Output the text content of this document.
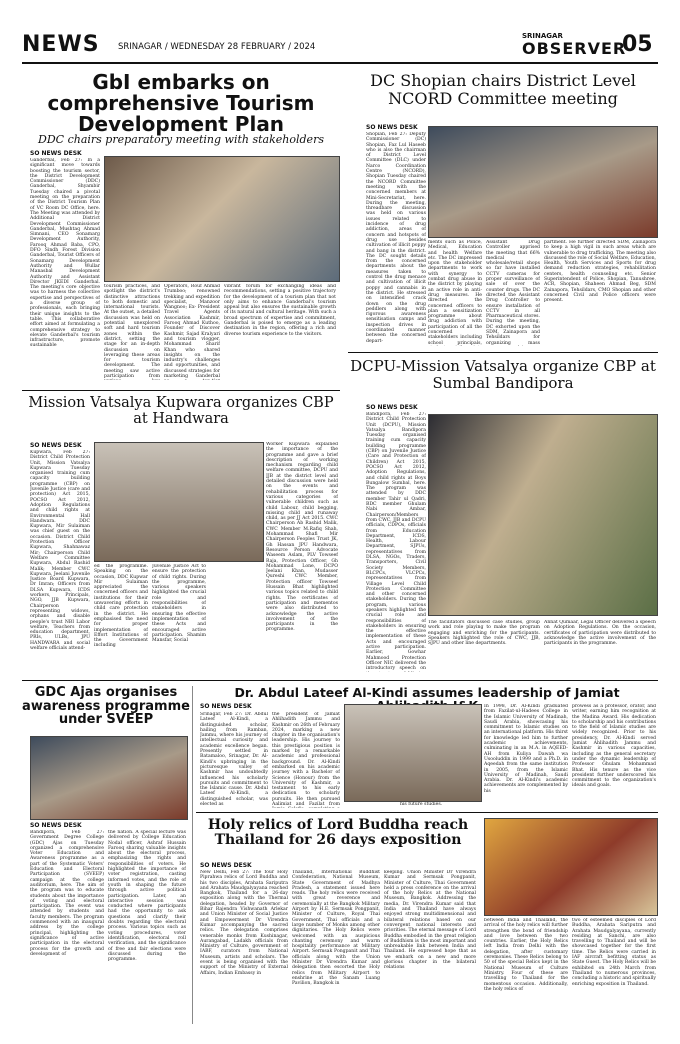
NEWS SRINAGAR / WEDNESDAY 28 FEBRUARY / 2024
SRINAGAR
OBSERVER
05
GbI embarks on comprehensive Tourism Development Plan
DDC chairs preparatory meeting with stakeholders
SO NEWS DESK
Ganderbal, Feb 27: In a significant move towards boosting the tourism sector, the District Development Commissioner (DDC) Ganderbal, Shyambir Tuesday chaired a pivotal meeting on the preparation of the District Tourism Plan of VC Room DC Office, here. The Meeting was attended by Additional District Development Commissioner Ganderbal, Mushtaq Ahmad Simnani, CEO Sonamarg Development Authority, Farooq Ahmad Baba, CPO, DFO Sindh Forest Division Ganderbal, Tourist Officers of Sonamarg Development Authority and Wullar Manasbal Development Authority and Assistant Director JKEDI Ganderbal. The meeting's core objective was to harness the collective expertise and perspectives of a diverse group of professionals, each bringing their unique insights to the table. This collaborative effort aimed at formulating a comprehensive strategy to elevate Ganderbal's tourism infrastructure, promote sustainable
tourism practices, and spotlight the district's distinctive attractions to both domestic and international tourists. At the outset, a detailed discussion was held on potential unexplored soft and hard tourism zones within the district, setting the stage for an in-depth discussion on leveraging these areas for tourism development. The meeting saw active participation from
Operators, Rouf Ahmad Trumboo; renowned trekking and expedition specialist, Manzoor Wangnoo; Ex- President Travel Agents Association Kashmir, Farooq Ahmad Kuthoo, Founder of Discover Kashmir, Sajad Kralyari and tourism vlogger, Mohammad Sharif Khan who shared insights on the industry's challenges and opportunities, and discussed strategies for marketing Ganderbal
vibrant forum for exchanging ideas and recommendations, setting a positive trajectory for the development of a tourism plan that not only aims to enhance Ganderbal's tourism appeal but also ensures the sustainable growth of its natural and cultural heritage. With such a broad spectrum of expertise and commitment, Ganderbal is poised to emerge as a leading destination in the region, offering a rich and diverse tourism experience to the visitors.
DC Shopian chairs District Level NCORD Committee meeting
SO NEWS DESK
Shopian, Feb 27: Deputy Commissioner (DC) Shopian, Faz Lul Haseeb who is also the chairman of District Level Committee (DLC) under Narco Coordination Centre (NCORD), Shopian Tuesday chaired the NCORD Committee meeting with the concerned members at Mini-Secretariat, here. During the meeting, threadbare discussion was held on various issues related to incidence of drug addiction, areas of concern and hotspots of drug use besides cultivation of illicit poppy and bang in the district. The DC sought details from the concerned departments about the measures taken to control the drug menace and cultivation of illicit poppy and cannabis in the district. He stressed on intensified crack down on the drug peddlers along with rigorous awareness sensitisation camps and inspection drives in coordinated manner between the concerned depart-
ments such as Police, Medical, Education and health Welfare etc. The DC impressed upon the stakeholder departments to work with synergy to combat drug abuse in the district by playing an active role in anti-drug measures. He directed the concerned officers to plan a sensitization programme about drug addiction with participation of all the concerned stakeholders including school principals,
Assistant Drug Controller apprised the meeting that 66% medical wholesale/retail shops so far have installed CCTV cameras for proper surveillance of sale of over the counter drugs. The DC directed the Assistant Drug Controller to ensure installation of CCTV in all Pharmaceutical stores. During the meeting, DC exhorted upon the SDM, Zainapora and Tehsildars for organizing mass
partment. He further directed SDM, Zainapora to keep a high vigil in such areas which are vulnerable to drug trafficking. The meeting also discussed the role of Social Welfare, Education, Health, Youth Services and Sports for drug demand reduction strategies, rehabilitation centers, health counseling etc. Senior Superintendent of Police, Shopian, Tanushree, ACR, Shopian, Shaheen Ahmad Beg, SDM Zainapora, Tehsildars, CMO Shopian and other concerned Civil and Police officers were present.
DCPU-Mission Vatsalya organize CBP at Sumbal Bandipora
SO NEWS DESK
Bandipora, Feb 27: District Child Protection Unit (DCPU), Mission Vatsalya Bandipora Tuesday organised training cum capacity building programme (CBP) on Juvenile Justice (Care and Protection of Children) Act 2015, POCSO Act 2012, Adoption Regulations, and child rights at Boys Bungalow Sumbal, here. The program was attended by DDC member Tahir ul Qadri, BDC member Ghulam Nabi Ambar, Chairperson/Members from CWC, JJB and DCPU officials, CDPOs, officials from Education Department, ICDS, Health, Labour Department, SJPUs, representatives from DLSA, NGOs, Traders, Transporters, Civil Society Members, BLCPCs, VLCPCs, representatives from Village Level Child Protection Committee and other concerned stakeholders. During the program, various speakers highlighted the crucial role and responsibilities of stakeholders in ensuring the effective implementation of these Acts and encouraged active participation. Earlier, Gowhar Mahmood Protection Officer NIC delivered the introductory speech on
The facilitators discussed case studies, group work and role playing to make the program engaging and enriching for the participants. Speakers highlighted the role of CWC, JJB, SJPU and other line departments.
Annat Qumaar, Legal Officer delivered a speech on Adoption Regulations. On the occasion, certificates of participation were distributed to acknowledge the active involvement of the participants in the programme.
Mission Vatsalya Kupwara organizes CBP at Handwara
SO NEWS DESK
Kupwara, Feb 27: District Child Protection Unit, Mission Vatsalya Kupwara Tuesday organised training cum capacity building programme (CBP) on Juvenile Justice (care and protection) Act 2015, POCSO Act 2012, Adoption Regulations and child rights at Environmental Hall Handwara. DDC Kupwara, Mir Sulaiman was chief guest on the occasion. District Child Protection Officer Kupwara, Shahnawaz Mir; Chairperson Child Welfare Committee Kupwara, Abdul Rashid Malik; Member CWC Kupwara, Jeelani Juvenile Justice Board Kupwara, Dr Imran; Officers from DLSA Kupwara, ICDS workers, Principals, NGO, JJB Kupwara, Chairperson representing widows, orphans and disable people's trust NBI Labor welfare, Teachers from education department, PRIs, ULBs, JPU HANDWARA and social welfare officials attend-
ed the programme. Speaking on the occasion, DDC Kupwar Mir Sulaiman appreciated the concerned officers and institutions for their unwavering efforts in child care protection in the district. He emphasised the need for proper implementation of Effort Institutions of the Government including
Juvenile Justice Act to ensure the protection of child rights. During the programme, various speakers highlighted the crucial role and responsibilities of stakeholders in ensuring the effective implementation of these Acts and encouraged active participation. Shamim Mansfar, Social
Worker Kupwara explained the importance of the programme and gave a brief description of working mechanism regarding child welfare committee, DCPU and JJB at the district level and detailed discussion were held on the events and rehabilitation process for various categories of vulnerable children such as child Labour, child begging, missing child and runaway child, as per JJ Act 2015. CWC Chairperson Ab Rashid Malik, CWC Member M.Rafiq Shah, Mohammad Shafi Mir Chairperson Feoples Trust JK, Gh Hassan JPU Handwara, Resource Person Advocate Waseem Aslam, PLV Towseef Raja, Protection Officer, Gh Mohammad Lone, DCPO Jeelani Khan, Mudasser Qureshi CWC Member, Protection officer Towseef Hussain Bhat highlighted various topics related to child rights. The certificates of participation and mementos were also distributed to acknowledge the active involvement of the participants in the programme.
GDC Ajas organises awareness programme under SVEEP
SO NEWS DESK
Bandipora, Feb 27: Government Degree College (GDC) Ajas on Tuesday organized a comprehensive Voter Education and Awareness programme as a part of the Systematic Voters' Education and Electoral Participation (SVEEP) campaign at the college auditorium, here. The aim of the program was to educate students about the importance of voting and electoral participation. The event was attended by students and faculty members. The program commenced with an inaugural address by the college principal, highlighting the significance of active participation in the electoral process for the growth and development of
the nation. A special lecture was delivered by College Education Nodal officer, Ashraf Hussain Farooq sharing valuable insights about the electoral process, emphasizing the rights and responsibilities of voters. He highlighted the importance of voter registration, casting informed votes, and the role of youth in shaping the future through active political participation. Later, an interactive session was conducted where participants had the opportunity to ask questions and clarify their doubts regarding the electoral process. Various topics such as voting procedures, voter identification, electoral roll verification, and the significance of free and fair elections were discussed during the programme.
Dr. Abdul Lateef Al-Kindi assumes leadership of Jamiat
SO NEWS DESK
Srinagar, Feb 27: Dr. Abdul Lateef Al-Kindi, a distinguished scholar, hailing from Ramban, Jammu, where his journey of intellectual curiosity and academic excellence began. Presently settled in Batamaloo, Srinagar, Dr. Al-Kindi's upbringing in the picturesque valley of Kashmir has undoubtedly influenced his scholarly pursuits and commitment to the Islamic cause. Dr. Abdul Lateef Al-Kindi, a distinguished scholar, was elected as
the president of Jamiat Ahlihadith Jammu and Kashmir on 26th of February 2024, marking a new chapter in the organisation's leadership. His journey to this prestigious position is marked by a remarkable academic and professional background. Dr. Al-Kindi embarked on his academic journey with a Bachelor of Science (Honour) from the University of Kashmir, a testament to his early dedication to scholarly pursuits. He then pursued Aalimiat and Fazilat from	his future studies.
In 1998, Dr. Al-Kindi graduated from Fazilat-ul-Hadees College in the Islamic University of Madinah, Saudi Arabia, showcasing his commitment to Islamic studies on an international platform. His thirst for knowledge led him to further academic achievements, culminating in an M.A. in AQEED-AH from Kuliya Dawah wa Usooluddin in 1999 and a Ph.D. in Aqeedah from the same institution in 2005, from the Islamic University of Madinah, Saudi Arabia. Dr. Al-Kindi's academic achievements are complemented by his
prowess as a professor, orator, and writer, earning him recognition at the Madina Award. His dedication to scholarship and his contributions to the field of Islamic studies are widely recognized. Prior to his presidency, Dr. Al-Kindi served Jamiat Ahlihadith Jammu and Kashmir in various capacities, including as the general secretary under the dynamic leadership of Professor Ghulam Mohammad Bhat. His tenure as the vice president further underscored his commitment to the organization's ideals and goals.
Holy relics of Lord Buddha reach Thailand for 26 days exposition
SO NEWS DESK
New Delhi, Feb 27: The four Holy Piprahwa relics of Lord Buddha and his two disciples, Arahata Sariputra and Arahata Maudgalyayana reached Bangkok, Thailand for a 26-day exposition along with the Thermal delegation, headed by Governor of Bihar Rajendra Vishwanath Arlekar and Union Minister of Social Justice and Empowerment Dr Virendra Kumar accompanying the sacred relics. The delegation comprises venerable monks from Kushinagar, Aurangabad, Ladakh officials from Ministry of Culture, government of IABF, curators from National Museum, artists and scholars. The event is being organised with the support of the Ministry of External Affairs, Indian Embassy in
Thailand, International Buddhist Confederation, National Museum, State Government of Madhya Pradesh, a statement issued here reads. The holy relics were received with great reverence and ceremonially at the Bangkok Military Airport by H.E. Sermsak Pongpanit, Minister of Culture, Royal Thai Government, Thai officials and a large number of Monks among other dignitaries. The Holy Relics were welcomed with an auspicious chanting ceremony and warm hospitality performance at Military Airport. Sermsak Pongpanit and Thai officials along with the Union Minister Dr Virendra Kumar and delegation then escorted the Holy relics from Military Airport to enshrine at the Sanam Luang Pavilion, Bangkok in
keeping. Union Minister Dr Virendra Kumar and Sermsak Pongpanit, Minister of Culture, Thai Government held a press conference on the arrival of the holy Relics at the National Museum, Bangkok. Addressing the media, Dr. Virendra Kumar said that India and Thailand have always enjoyed strong multidimensional and bilateral relations based on our convergent national interests and priorities. The eternal message of Lord Buddha embodied in the great religion of Buddhism is the most important and unbreakable link between India and Thailand. He expressed hope that as we embark on a new and more glorious chapter in the bilateral relations
between India and Thailand, the arrival of the holy relics will further strengthen the bond of friendship and love between the two countries. Earlier, the Holy Relics left India from Delhi with the delegation, after customary ceremonies. These Relics belong to 50 of the special Relics kept in the National Museum of Culture Ministry. Four of these are travelling to Thailand for the momentous occasion. Additionally, the holy relics of
two of esteemed disciples of Lord Buddha, Arahata Sariputra and Arahata Maudgalyayana, currently residing at Sanchi, are also travelling to Thailand and will be showcased together for the first time. The Relics were carried in IAF aircraft befitting status as State Guest. The Holy Relics will be exhibited on 24th March from Thailand to numerous provinces, concluding a historic and spiritually enriching exposition in Thailand.
